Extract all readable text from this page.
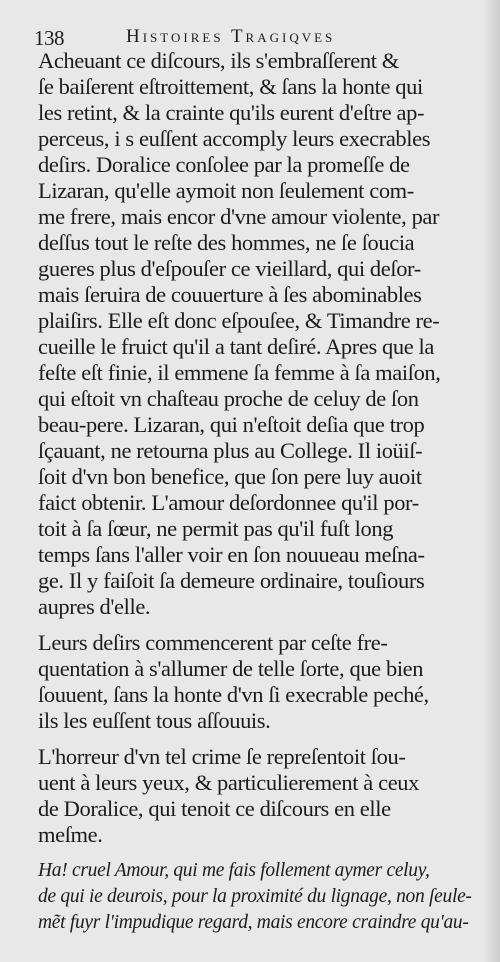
138	Histoires Tragiqves
Acheuant ce diſcours, ils s'embraſſerent &
ſe baiſerent eſtroittement, & ſans la honte qui
les retint, & la crainte qu'ils eurent d'eſtre ap-
perceus, i s euſſent accomply leurs execrables
deſirs. Doralice conſolee par la promeſſe de
Lizaran, qu'elle aymoit non ſeulement com-
me frere, mais encor d'vne amour violente, par
deſſus tout le reſte des hommes, ne ſe ſoucia
gueres plus d'eſpouſer ce vieillard, qui deſor-
mais ſeruira de couuerture à ſes abominables
plaiſirs. Elle eſt donc eſpouſee, & Timandre re-
cueille le fruict qu'il a tant deſiré. Apres que la
feſte eſt finie, il emmene ſa femme à ſa maiſon,
qui eſtoit vn chaſteau proche de celuy de ſon
beau-pere. Lizaran, qui n'eſtoit deſia que trop
ſçauant, ne retourna plus au College. Il ioüiſ-
ſoit d'vn bon benefice, que ſon pere luy auoit
faict obtenir. L'amour deſordonnee qu'il por-
toit à ſa ſœur, ne permit pas qu'il fuſt long
temps ſans l'aller voir en ſon nouueau meſna-
ge. Il y faiſoit ſa demeure ordinaire, touſiours
aupres d'elle.
Leurs deſirs commencerent par ceſte fre-
quentation à s'allumer de telle ſorte, que bien
ſouuent, ſans la honte d'vn ſi execrable peché,
ils les euſſent tous aſſouuis.
L'horreur d'vn tel crime ſe repreſentoit ſou-
uent à leurs yeux, & particulierement à ceux
de Doralice, qui tenoit ce diſcours en elle
meſme.
Ha! cruel Amour, qui me fais follement aymer celuy,
de qui ie deurois, pour la proximité du lignage, non ſeule-
mẽt fuyr l'impudique regard, mais encore craindre qu'au-
